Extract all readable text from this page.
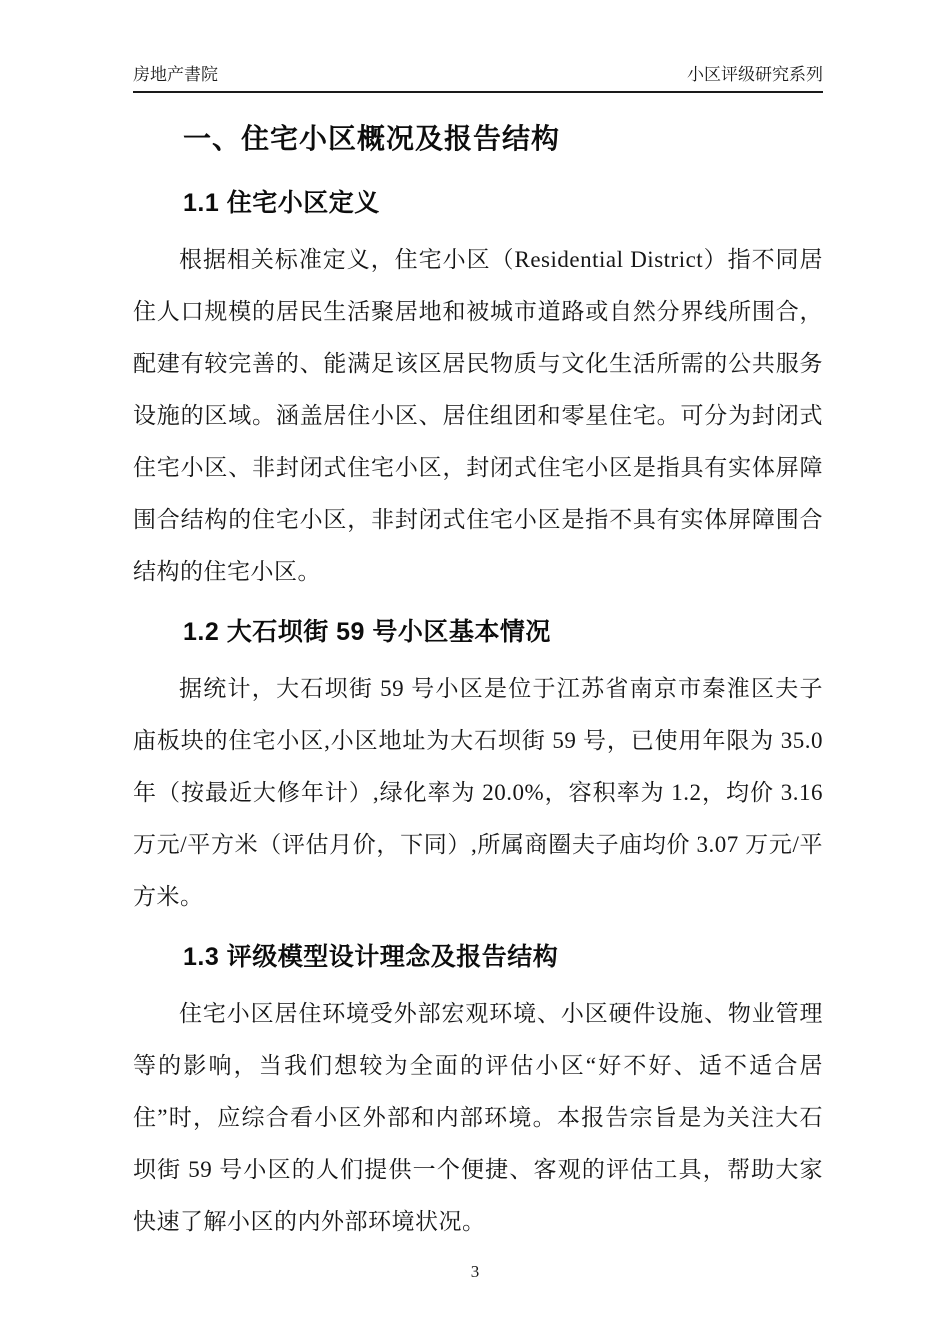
房地产書院	小区评级研究系列
一、住宅小区概况及报告结构
1.1 住宅小区定义

根据相关标准定义，住宅小区（Residential District）指不同居住人口规模的居民生活聚居地和被城市道路或自然分界线所围合，配建有较完善的、能满足该区居民物质与文化生活所需的公共服务设施的区域。涵盖居住小区、居住组团和零星住宅。可分为封闭式住宅小区、非封闭式住宅小区，封闭式住宅小区是指具有实体屏障围合结构的住宅小区，非封闭式住宅小区是指不具有实体屏障围合结构的住宅小区。

1.2 大石坝街 59 号小区基本情况

据统计，大石坝街 59 号小区是位于江苏省南京市秦淮区夫子庙板块的住宅小区,小区地址为大石坝街 59 号，已使用年限为 35.0 年（按最近大修年计）,绿化率为 20.0%，容积率为 1.2，均价 3.16 万元/平方米（评估月价，下同）,所属商圈夫子庙均价 3.07 万元/平方米。

1.3 评级模型设计理念及报告结构

住宅小区居住环境受外部宏观环境、小区硬件设施、物业管理等的影响，当我们想较为全面的评估小区“好不好、适不适合居住”时，应综合看小区外部和内部环境。本报告宗旨是为关注大石坝街 59 号小区的人们提供一个便捷、客观的评估工具，帮助大家快速了解小区的内外部环境状况。

3
